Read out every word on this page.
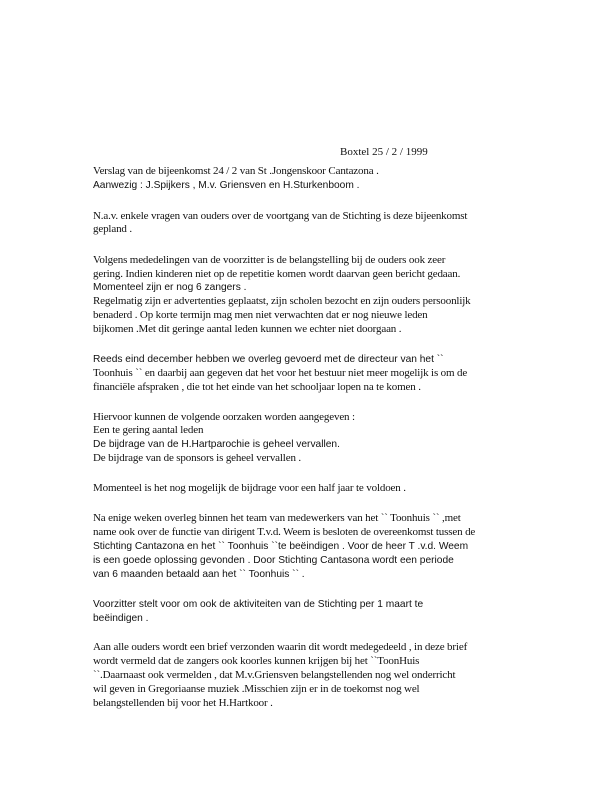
Boxtel 25 / 2 / 1999
Verslag van de bijeenkomst 24 / 2 van St .Jongenskoor Cantazona .
Aanwezig : J.Spijkers , M.v. Griensven en H.Sturkenboom .
N.a.v. enkele vragen van ouders over de voortgang van de Stichting is deze bijeenkomst
gepland .
Volgens mededelingen van de voorzitter is de belangstelling bij de ouders ook zeer
gering. Indien kinderen niet op de repetitie komen wordt daarvan geen bericht gedaan.
Momenteel zijn er nog 6 zangers .
Regelmatig zijn er advertenties geplaatst, zijn scholen bezocht en zijn ouders persoonlijk
benaderd . Op korte termijn mag men niet verwachten dat er nog nieuwe leden
bijkomen .Met dit geringe aantal leden kunnen we echter niet doorgaan .
Reeds eind december hebben we overleg gevoerd met de directeur van het ``
Toonhuis `` en daarbij aan gegeven dat het voor het bestuur niet meer mogelijk is om de
financiële afspraken , die tot het einde van het schooljaar lopen na te komen .
Hiervoor kunnen de volgende oorzaken worden aangegeven :
Een te gering aantal leden
De bijdrage van de H.Hartparochie is geheel vervallen.
De bijdrage van de sponsors is geheel vervallen .
Momenteel is het nog mogelijk de bijdrage voor een half jaar te voldoen .
Na enige weken overleg binnen het team van medewerkers van het `` Toonhuis `` ,met
name ook over de functie van dirigent T.v.d. Weem is besloten de overeenkomst tussen de
Stichting Cantazona en het `` Toonhuis ``te beëindigen . Voor de heer T .v.d. Weem
is een goede oplossing gevonden . Door Stichting Cantasona wordt een periode
van 6 maanden betaald aan het `` Toonhuis `` .
Voorzitter stelt voor om ook de aktiviteiten van de Stichting per 1 maart te
beëindigen .
Aan alle ouders wordt een brief verzonden waarin dit wordt medegedeeld , in deze brief
wordt vermeld dat de zangers ook koorles kunnen krijgen bij het ``ToonHuis
``.Daarnaast ook vermelden , dat M.v.Griensven belangstellenden nog wel onderricht
wil geven in Gregoriaanse muziek .Misschien zijn er in de toekomst nog wel
belangstellenden bij voor het H.Hartkoor .
